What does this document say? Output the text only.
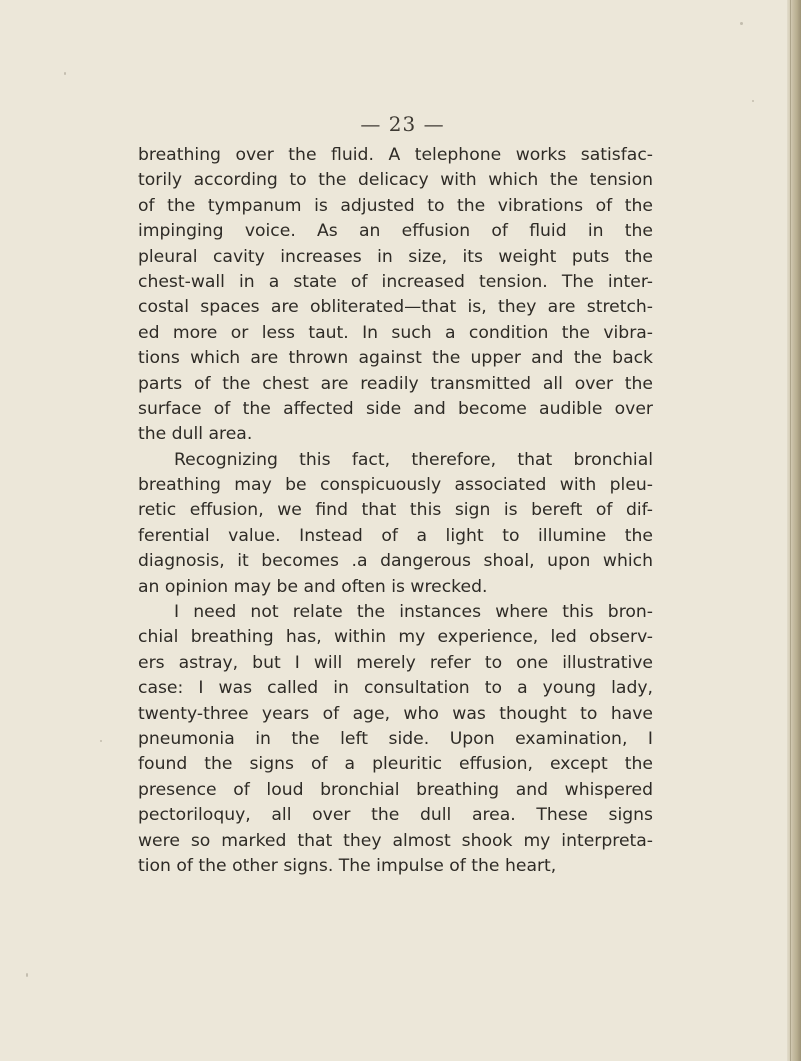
— 23 —
breathing over the fluid. A telephone works satisfac-
torily according to the delicacy with which the tension
of the tympanum is adjusted to the vibrations of the
impinging voice. As an effusion of fluid in the
pleural cavity increases in size, its weight puts the
chest-wall in a state of increased tension. The inter-
costal spaces are obliterated—that is, they are stretch-
ed more or less taut. In such a condition the vibra-
tions which are thrown against the upper and the back
parts of the chest are readily transmitted all over the
surface of the affected side and become audible over
the dull area.
Recognizing this fact, therefore, that bronchial
breathing may be conspicuously associated with pleu-
retic effusion, we find that this sign is bereft of dif-
ferential value. Instead of a light to illumine the
diagnosis, it becomes .a dangerous shoal, upon which
an opinion may be and often is wrecked.
I need not relate the instances where this bron-
chial breathing has, within my experience, led observ-
ers astray, but I will merely refer to one illustrative
case: I was called in consultation to a young lady,
twenty-three years of age, who was thought to have
pneumonia in the left side. Upon examination, I
found the signs of a pleuritic effusion, except the
presence of loud bronchial breathing and whispered
pectoriloquy, all over the dull area. These signs
were so marked that they almost shook my interpreta-
tion of the other signs. The impulse of the heart,
